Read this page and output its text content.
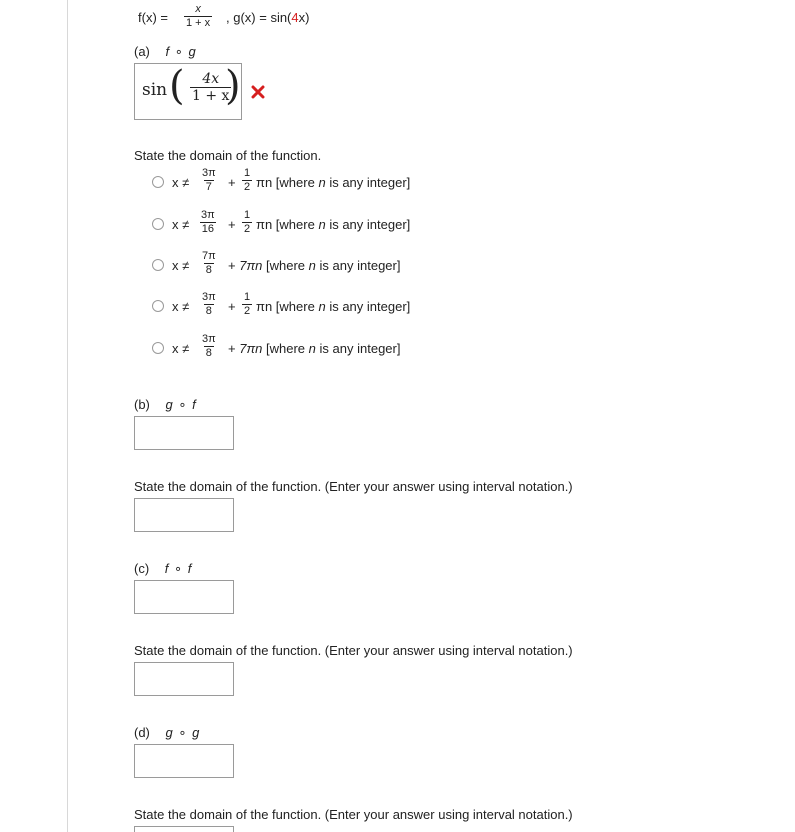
$f(x) = \frac{x}{1 + x}$ , g(x) = sin(4x)
(a) f ∘ g
sin ( $\frac{4x}{1 + x}$
)
State the domain of the function.
$x \ne \frac{3\pi}{7} + \frac{1}{2}$ πn [where n is any integer]
$x \ne \frac{3\pi}{16} + \frac{1}{2}$ πn [where n is any integer]
$x \ne \frac{7\pi}{8} + 7\pi n$ [where n is any integer]
$x \ne \frac{3\pi}{8} + \frac{1}{2}$ πn [where n is any integer]
$x \ne \frac{3\pi}{8} + 7\pi n$ [where n is any integer]
(b) g ∘ f
State the domain of the function. (Enter your answer using interval notation.)
(c) f ∘ f
State the domain of the function. (Enter your answer using interval notation.)
(d) g ∘ g
State the domain of the function. (Enter your answer using interval notation.)
